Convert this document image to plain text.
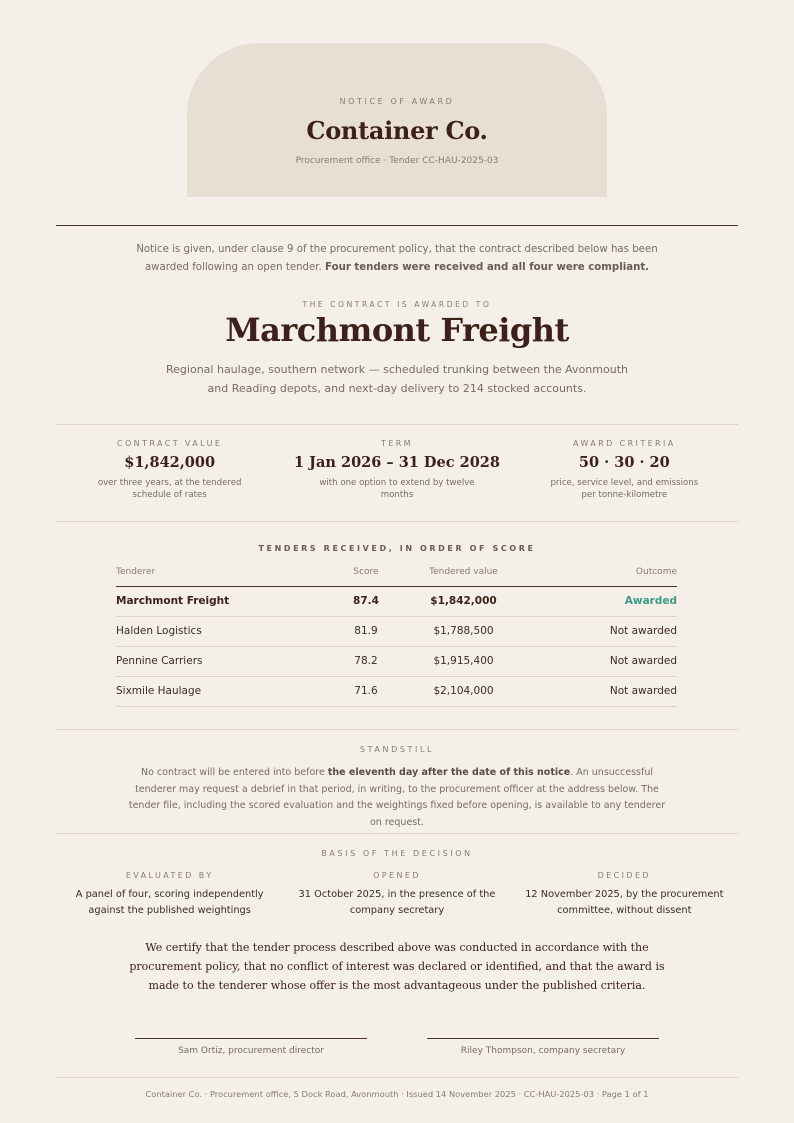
NOTICE OF AWARD
Container Co.
Procurement office · Tender CC-HAU-2025-03

Notice is given, under clause 9 of the procurement policy, that the contract described below has been awarded following an open tender. Four tenders were received and all four were compliant.

THE CONTRACT IS AWARDED TO
Marchmont Freight

Regional haulage, southern network — scheduled trunking between the Avonmouth and Reading depots, and next-day delivery to 214 stocked accounts.

CONTRACT VALUE
$1,842,000
over three years, at the tendered schedule of rates
TERM
1 Jan 2026 – 31 Dec 2028
with one option to extend by twelve months
AWARD CRITERIA
50 · 30 · 20
price, service level, and emissions per tonne-kilometre
TENDERS RECEIVED, IN ORDER OF SCORE
Tenderer	Score	Tendered value	Outcome
Marchmont Freight	87.4	$1,842,000	Awarded
Halden Logistics	81.9	$1,788,500	Not awarded
Pennine Carriers	78.2	$1,915,400	Not awarded
Sixmile Haulage	71.6	$2,104,000	Not awarded
STANDSTILL

No contract will be entered into before the eleventh day after the date of this notice. An unsuccessful tenderer may request a debrief in that period, in writing, to the procurement officer at the address below. The tender file, including the scored evaluation and the weightings fixed before opening, is available to any tenderer on request.

BASIS OF THE DECISION
EVALUATED BY
A panel of four, scoring independently against the published weightings
OPENED
31 October 2025, in the presence of the company secretary
DECIDED
12 November 2025, by the procurement committee, without dissent

We certify that the tender process described above was conducted in accordance with the procurement policy, that no conflict of interest was declared or identified, and that the award is made to the tenderer whose offer is the most advantageous under the published criteria.

Sam Ortiz, procurement director	Riley Thompson, company secretary
Container Co. · Procurement office, 5 Dock Road, Avonmouth · Issued 14 November 2025 · CC-HAU-2025-03 · Page 1 of 1
